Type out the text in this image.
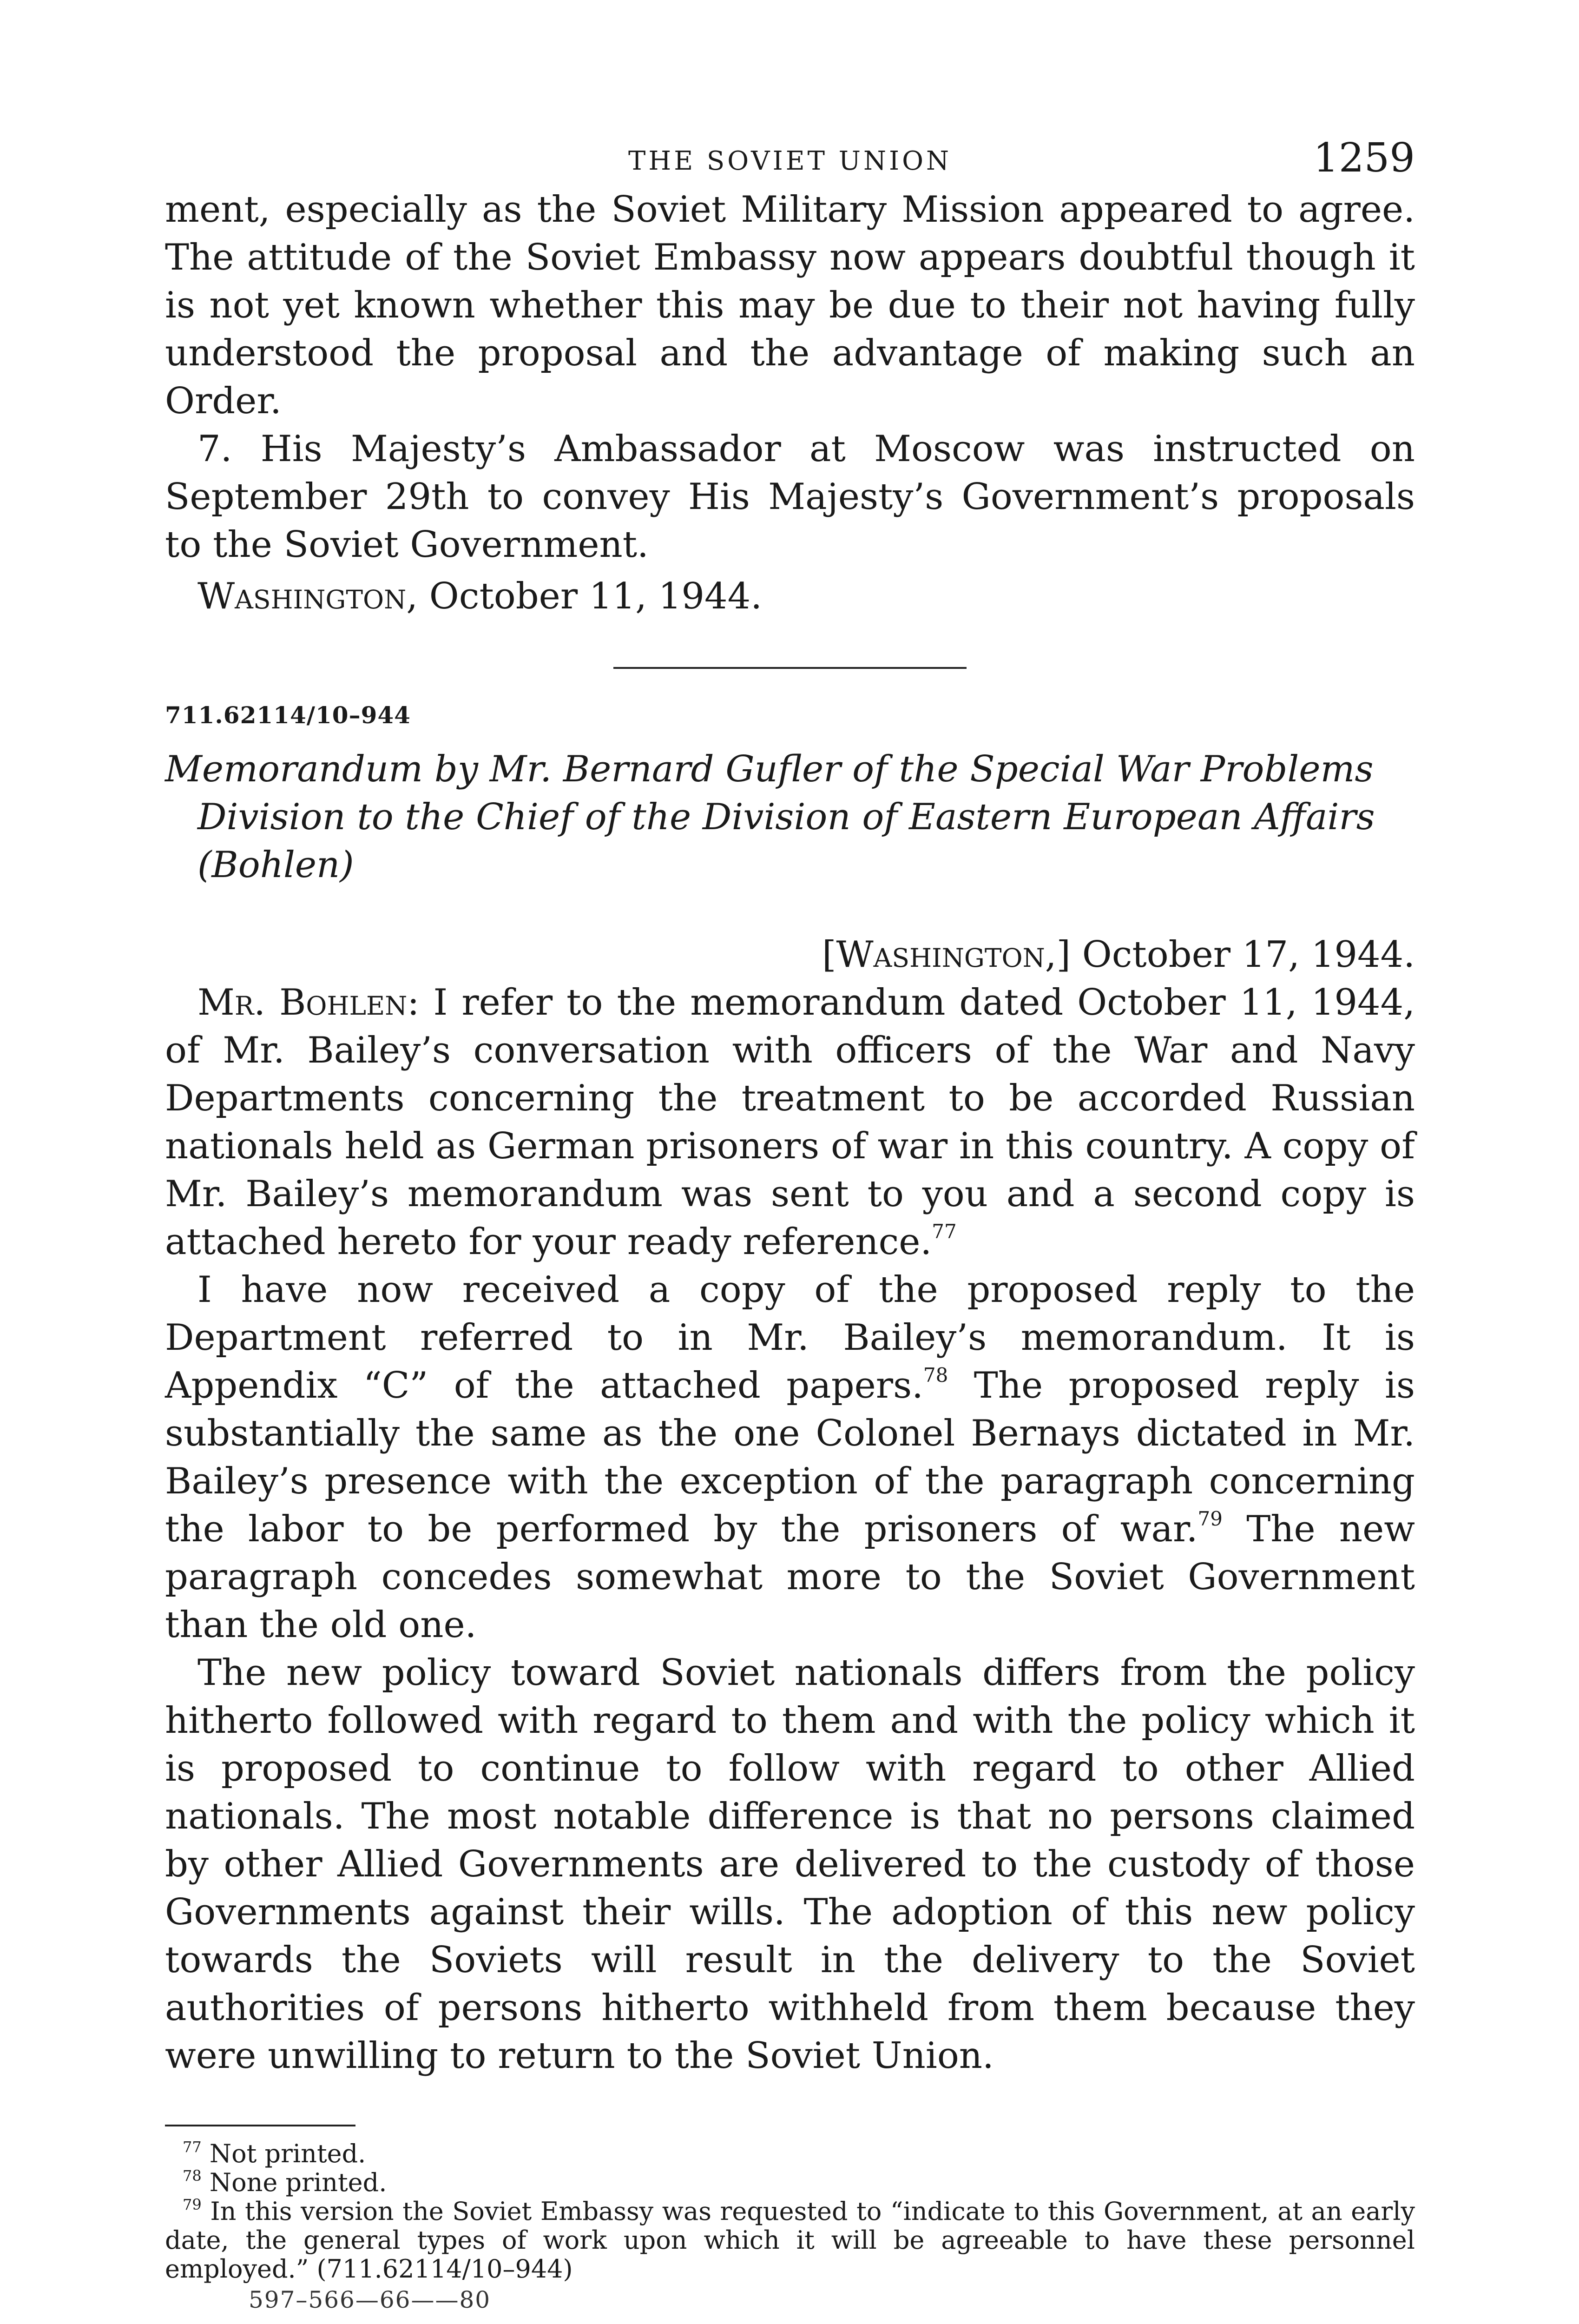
THE SOVIET UNION	1259

ment, especially as the Soviet Military Mission appeared to agree. The attitude of the Soviet Embassy now appears doubtful though it is not yet known whether this may be due to their not having fully understood the proposal and the advantage of making such an Order.

7. His Majesty’s Ambassador at Moscow was instructed on September 29th to convey His Majesty’s Government’s proposals to the Soviet Government.

Washington, October 11, 1944.

711.62114/10–944
Memorandum by Mr. Bernard Gufler of the Special War Problems Division to the Chief of the Division of Eastern European Affairs (Bohlen)
[Washington,] October 17, 1944.

Mr. Bohlen: I refer to the memorandum dated October 11, 1944, of Mr. Bailey’s conversation with officers of the War and Navy Departments concerning the treatment to be accorded Russian nationals held as German prisoners of war in this country. A copy of Mr. Bailey’s memorandum was sent to you and a second copy is attached hereto for your ready reference.$^{77}$

I have now received a copy of the proposed reply to the Department referred to in Mr. Bailey’s memorandum. It is Appendix “C” of the attached papers.$^{78}$ The proposed reply is substantially the same as the one Colonel Bernays dictated in Mr. Bailey’s presence with the exception of the paragraph concerning the labor to be performed by the prisoners of war.$^{79}$ The new paragraph concedes somewhat more to the Soviet Government than the old one.

The new policy toward Soviet nationals differs from the policy hitherto followed with regard to them and with the policy which it is proposed to continue to follow with regard to other Allied nationals. The most notable difference is that no persons claimed by other Allied Governments are delivered to the custody of those Governments against their wills. The adoption of this new policy towards the Soviets will result in the delivery to the Soviet authorities of persons hitherto withheld from them because they were unwilling to return to the Soviet Union.

$^{77}$ Not printed.
$^{78}$ None printed.
$^{79}$ In this version the Soviet Embassy was requested to “indicate to this Government, at an early date, the general types of work upon which it will be agreeable to have these personnel employed.” (711.62114/10–944)
597–566—66——80
